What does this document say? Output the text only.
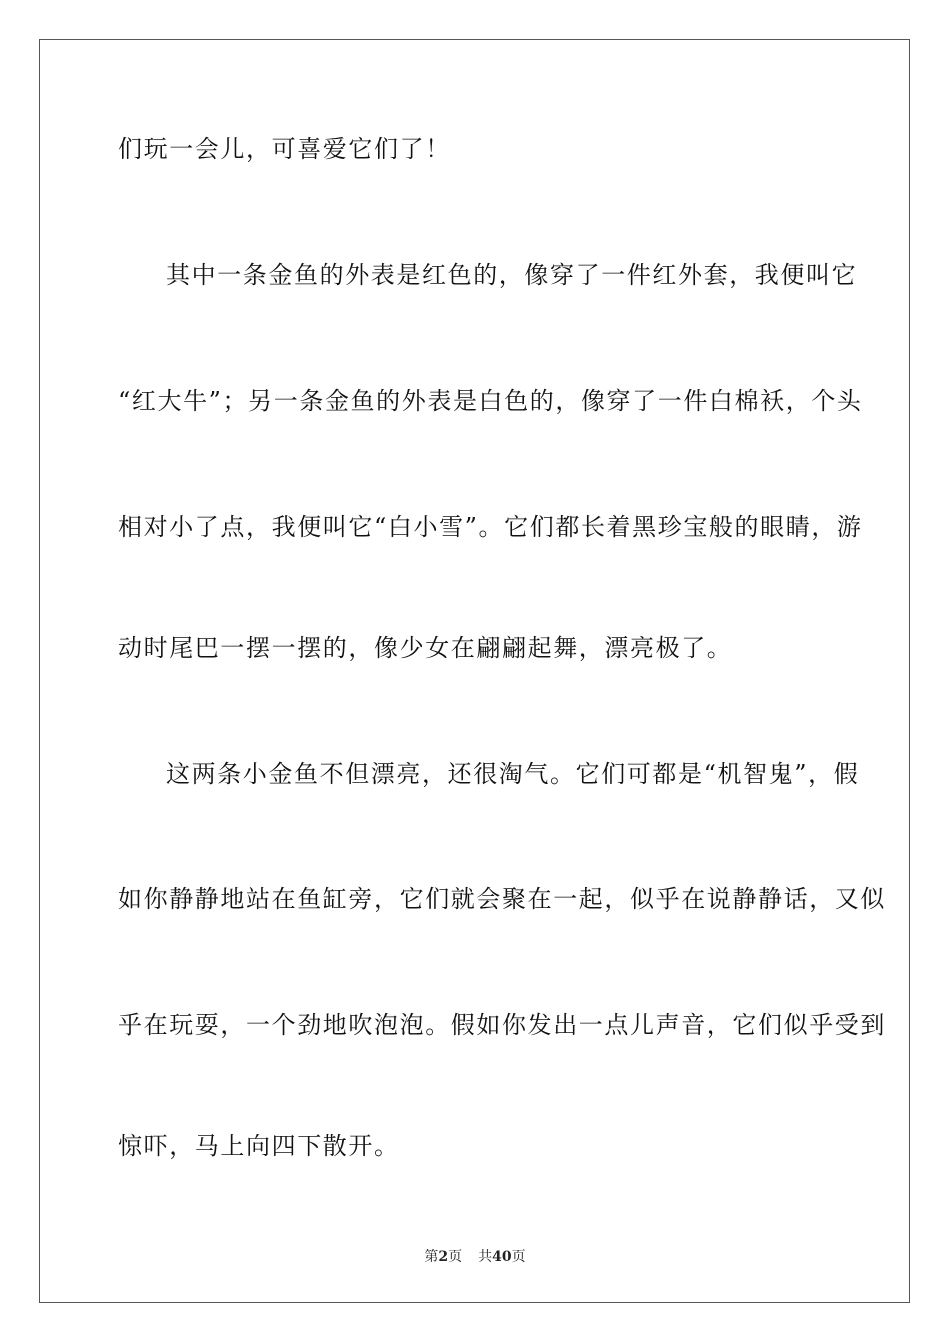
们玩一会儿，可喜爱它们了！
其中一条金鱼的外表是红色的，像穿了一件红外套，我便叫它
“红大牛”；另一条金鱼的外表是白色的，像穿了一件白棉袄，个头
相对小了点，我便叫它“白小雪”。它们都长着黑珍宝般的眼睛，游
动时尾巴一摆一摆的，像少女在翩翩起舞，漂亮极了。
这两条小金鱼不但漂亮，还很淘气。它们可都是“机智鬼”，假
如你静静地站在鱼缸旁，它们就会聚在一起，似乎在说静静话，又似
乎在玩耍，一个劲地吹泡泡。假如你发出一点儿声音，它们似乎受到
惊吓，马上向四下散开。
第2页 共40页
